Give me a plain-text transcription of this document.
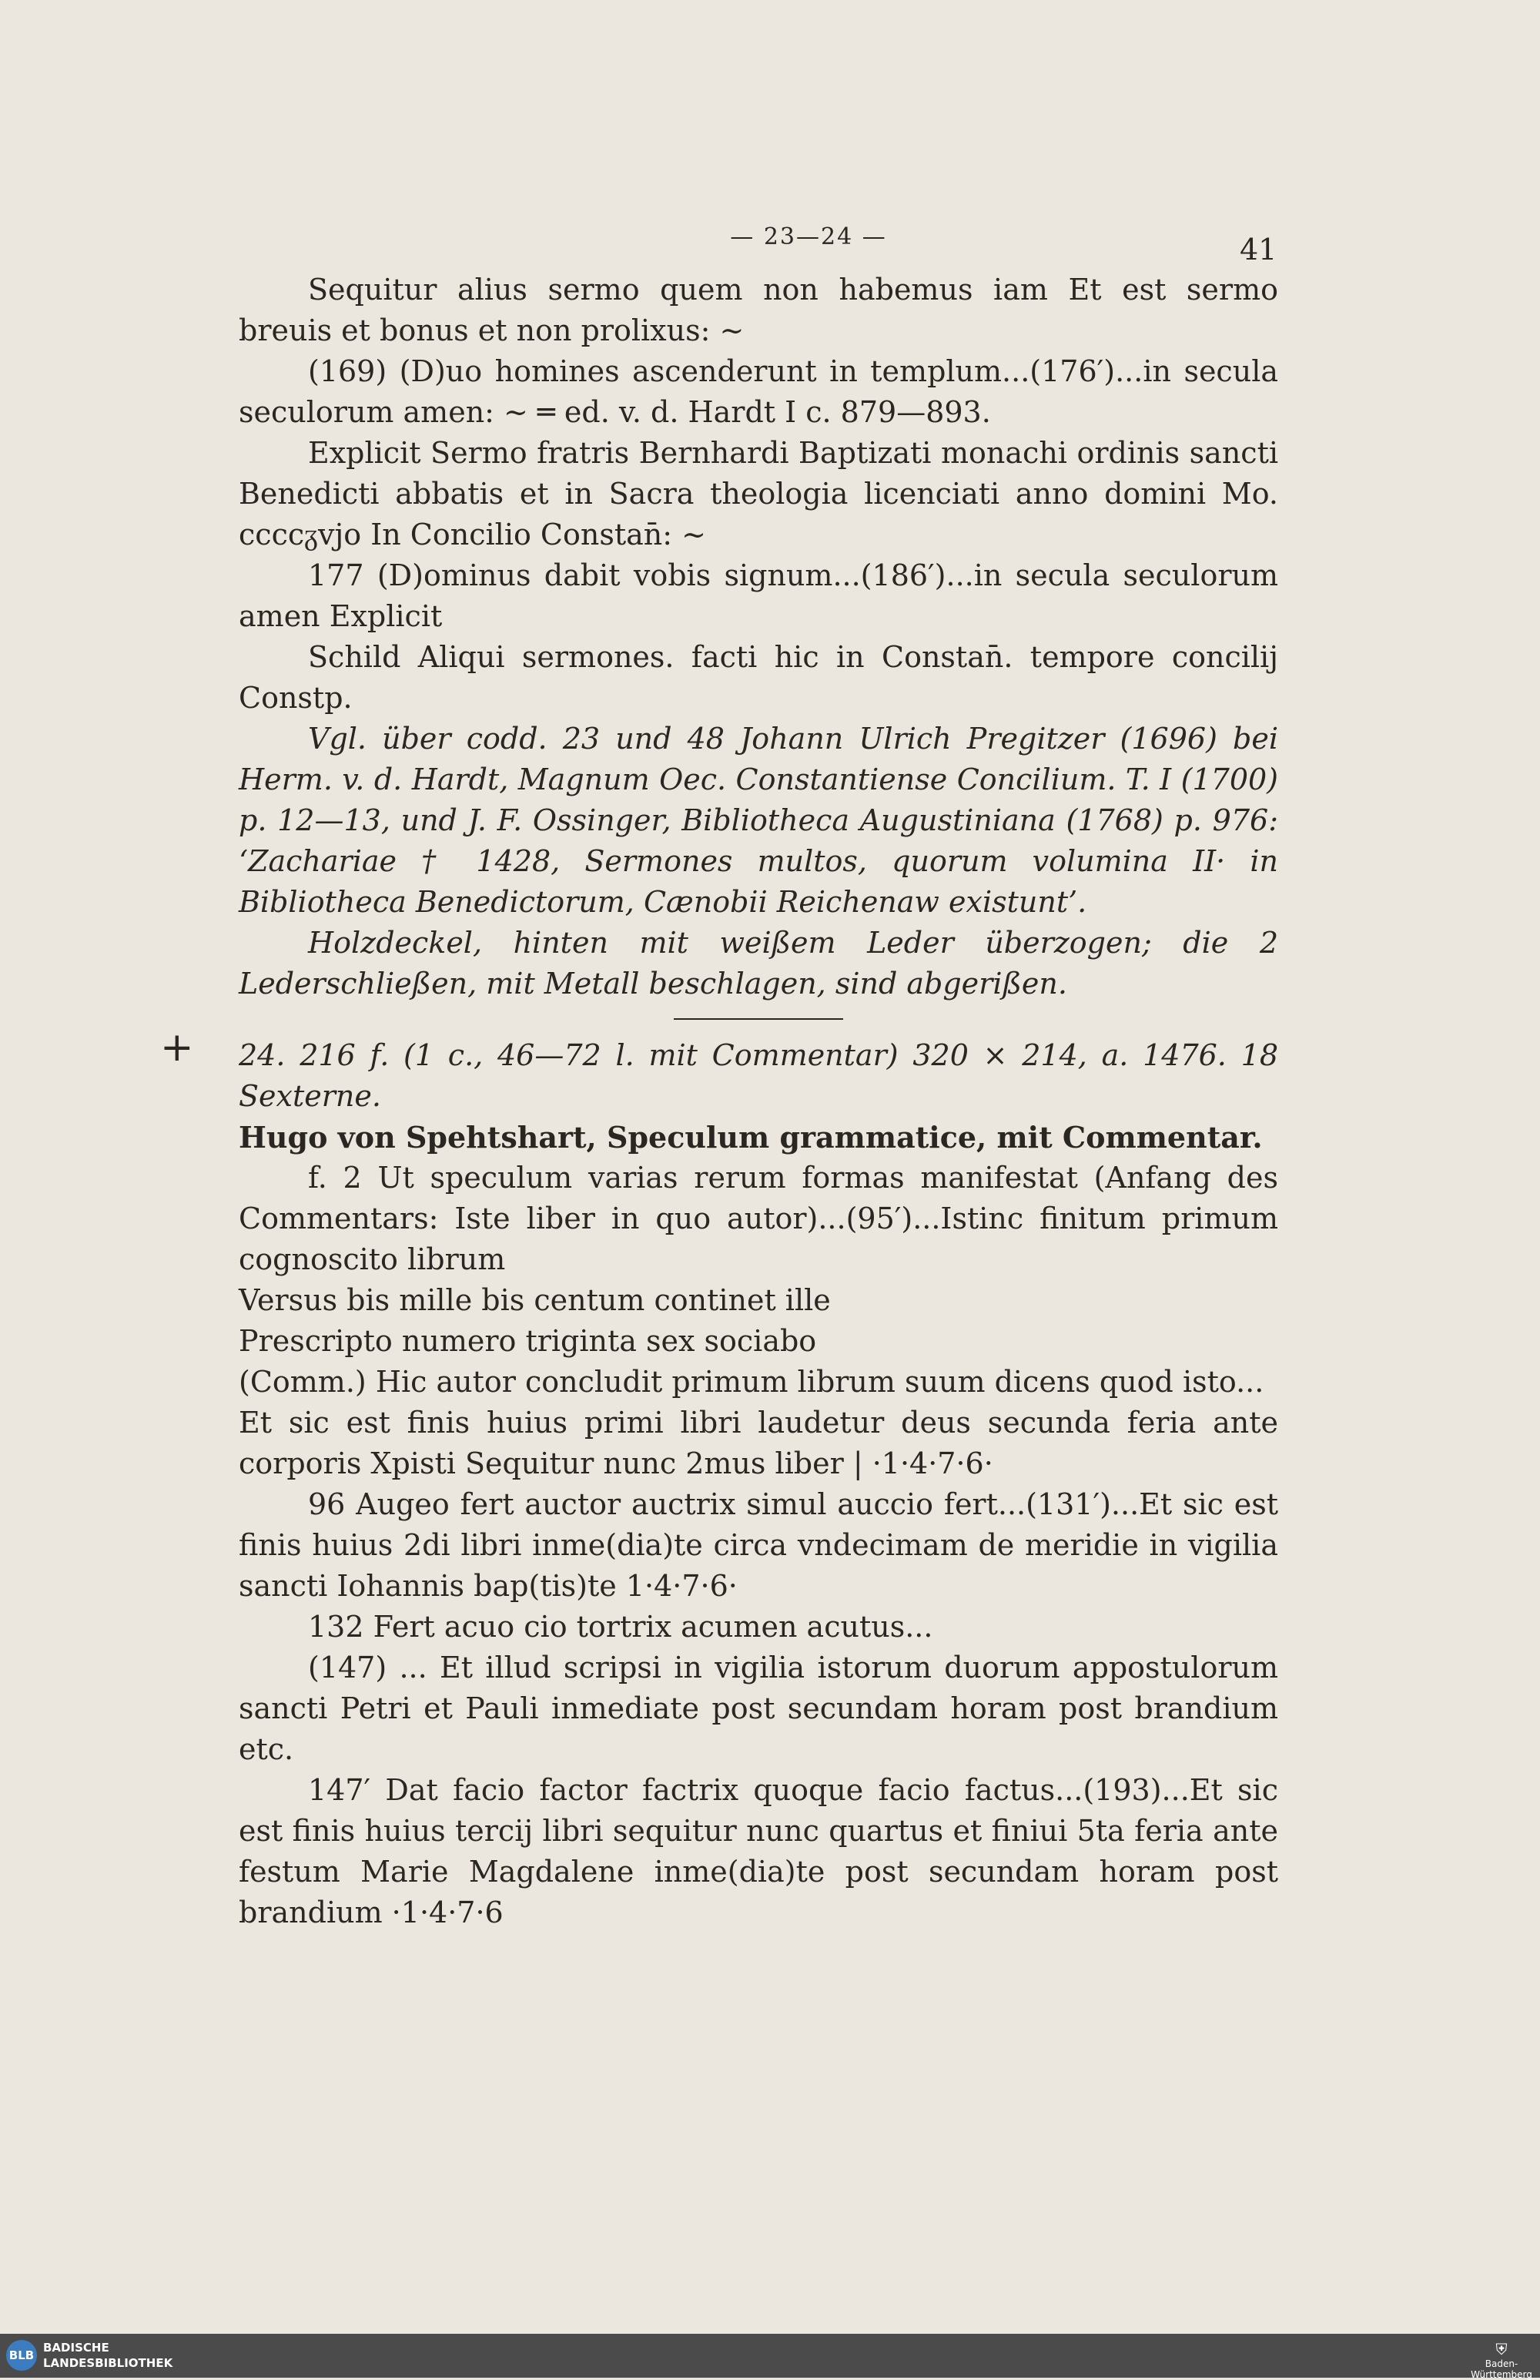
— 23—24 —	41
+

Sequitur alius sermo quem non habemus iam Et est sermo breuis et bonus et non prolixus: ∼

(169) (D)uo homines ascenderunt in templum...(176′)...in secula seculorum amen: ∼ ═ ed. v. d. Hardt I c. 879—893.

Explicit Sermo fratris Bernhardi Baptizati monachi ordinis sancti Benedicti abbatis et in Sacra theologia licenciati anno domini Mo. ccccᵹvjo In Concilio Constan̄: ∼

177 (D)ominus dabit vobis signum...(186′)...in secula seculorum amen Explicit

Schild Aliqui sermones. facti hic in Constan̄. tempore concilij Constp.

Vgl. über codd. 23 und 48 Johann Ulrich Pregitzer (1696) bei Herm. v. d. Hardt, Magnum Oec. Constantiense Concilium. T. I (1700) p. 12—13, und J. F. Ossinger, Bibliotheca Augustiniana (1768) p. 976: ‘Zachariae † 1428, Sermones multos, quorum volumina II· in Bibliotheca Benedictorum, Cænobii Reichenaw existunt’.

Holzdeckel, hinten mit weißem Leder überzogen; die 2 Lederschließen, mit Metall beschlagen, sind abgerißen.

24. 216 f. (1 c., 46—72 l. mit Commentar) 320 × 214, a. 1476. 18 Sexterne.

Hugo von Spehtshart, Speculum grammatice, mit Commentar.

f. 2 Ut speculum varias rerum formas manifestat (Anfang des Commentars: Iste liber in quo autor)...(95′)...Istinc finitum primum cognoscito librum

Versus bis mille bis centum continet ille

Prescripto numero triginta sex sociabo

(Comm.) Hic autor concludit primum librum suum dicens quod isto...

Et sic est finis huius primi libri laudetur deus secunda feria ante corporis Xpisti Sequitur nunc 2mus liber | ·1·4·7·6·

96 Augeo fert auctor auctrix simul auccio fert...(131′)...Et sic est finis huius 2di libri inme(dia)te circa vndecimam de meridie in vigilia sancti Iohannis bap(tis)te 1·4·7·6·

132 Fert acuo cio tortrix acumen acutus...

(147) ... Et illud scripsi in vigilia istorum duorum appostulorum sancti Petri et Pauli inmediate post secundam horam post brandium etc.

147′ Dat facio factor factrix quoque facio factus...(193)...Et sic est finis huius tercij libri sequitur nunc quartus et finiui 5ta feria ante festum Marie Magdalene inme(dia)te post secundam horam post brandium ·1·4·7·6

BLB
BADISCHE
LANDESBIBLIOTHEK
⛨
Baden-Württemberg
